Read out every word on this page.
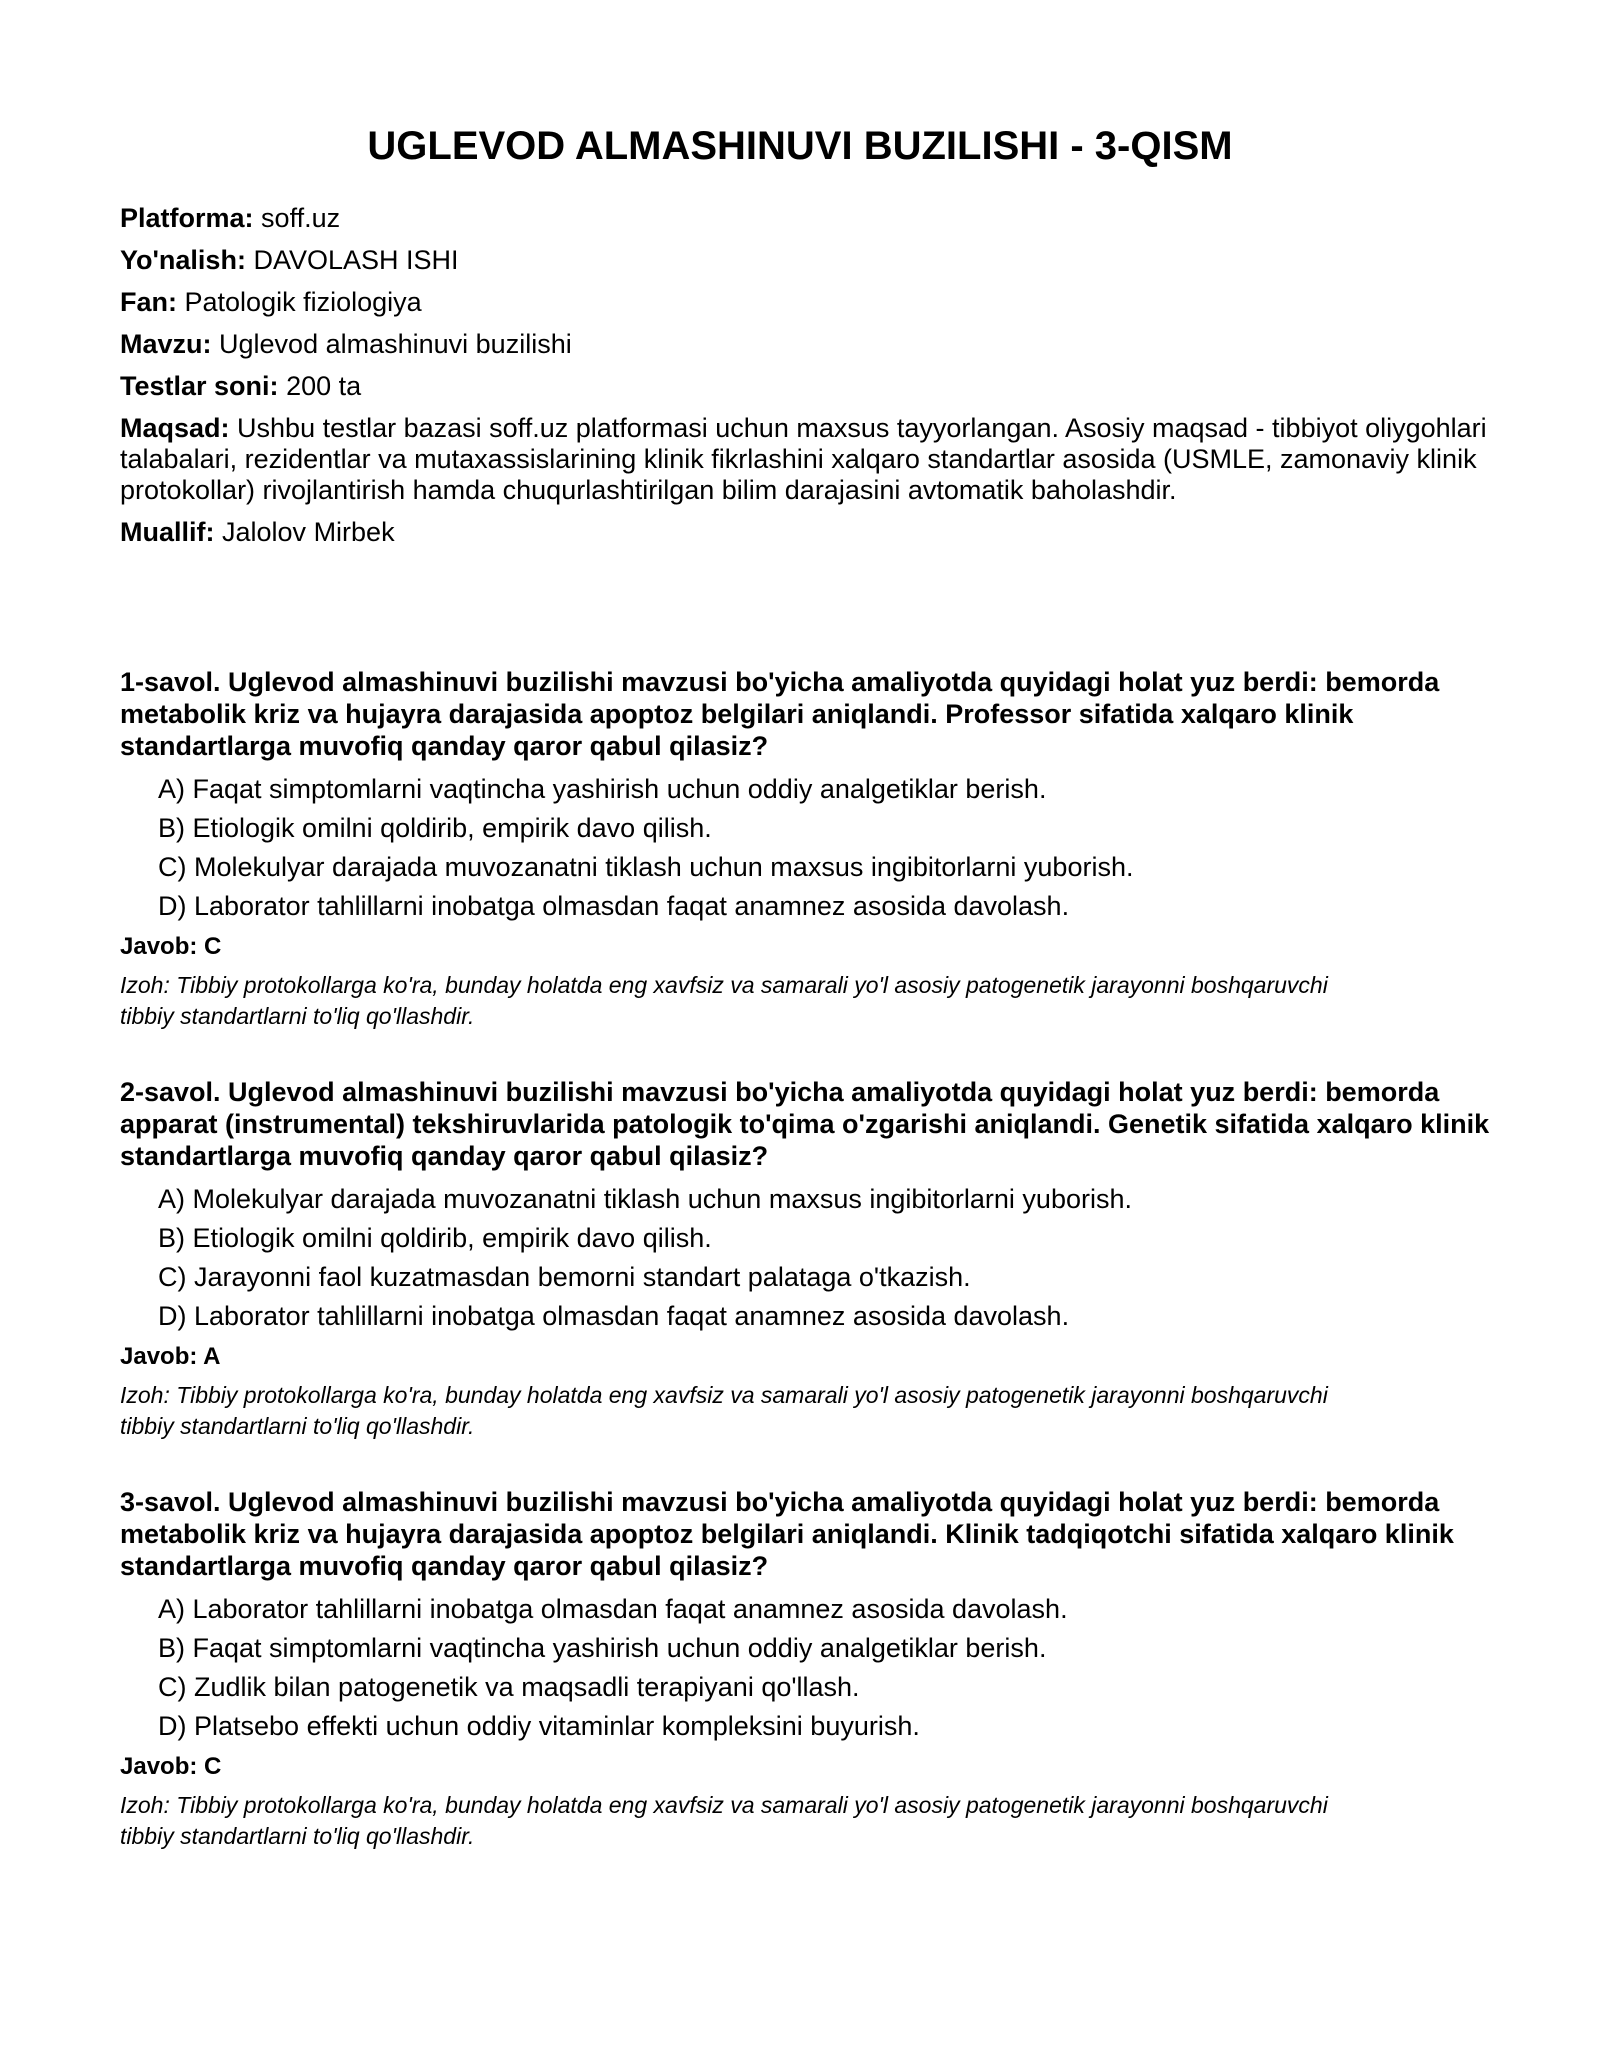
UGLEVOD ALMASHINUVI BUZILISHI - 3-QISM

Platforma: soff.uz

Yo'nalish: DAVOLASH ISHI

Fan: Patologik fiziologiya

Mavzu: Uglevod almashinuvi buzilishi

Testlar soni: 200 ta

Maqsad: Ushbu testlar bazasi soff.uz platformasi uchun maxsus tayyorlangan. Asosiy maqsad - tibbiyot oliygohlari talabalari, rezidentlar va mutaxassislarining klinik fikrlashini xalqaro standartlar asosida (USMLE, zamonaviy klinik protokollar) rivojlantirish hamda chuqurlashtirilgan bilim darajasini avtomatik baholashdir.

Muallif: Jalolov Mirbek

1-savol. Uglevod almashinuvi buzilishi mavzusi bo'yicha amaliyotda quyidagi holat yuz berdi: bemorda metabolik kriz va hujayra darajasida apoptoz belgilari aniqlandi. Professor sifatida xalqaro klinik standartlarga muvofiq qanday qaror qabul qilasiz?

A) Faqat simptomlarni vaqtincha yashirish uchun oddiy analgetiklar berish.
B) Etiologik omilni qoldirib, empirik davo qilish.
C) Molekulyar darajada muvozanatni tiklash uchun maxsus ingibitorlarni yuborish.
D) Laborator tahlillarni inobatga olmasdan faqat anamnez asosida davolash.

Javob: C

Izoh: Tibbiy protokollarga ko'ra, bunday holatda eng xavfsiz va samarali yo'l asosiy patogenetik jarayonni boshqaruvchi tibbiy standartlarni to'liq qo'llashdir.

2-savol. Uglevod almashinuvi buzilishi mavzusi bo'yicha amaliyotda quyidagi holat yuz berdi: bemorda apparat (instrumental) tekshiruvlarida patologik to'qima o'zgarishi aniqlandi. Genetik sifatida xalqaro klinik standartlarga muvofiq qanday qaror qabul qilasiz?

A) Molekulyar darajada muvozanatni tiklash uchun maxsus ingibitorlarni yuborish.
B) Etiologik omilni qoldirib, empirik davo qilish.
C) Jarayonni faol kuzatmasdan bemorni standart palataga o'tkazish.
D) Laborator tahlillarni inobatga olmasdan faqat anamnez asosida davolash.

Javob: A

Izoh: Tibbiy protokollarga ko'ra, bunday holatda eng xavfsiz va samarali yo'l asosiy patogenetik jarayonni boshqaruvchi tibbiy standartlarni to'liq qo'llashdir.

3-savol. Uglevod almashinuvi buzilishi mavzusi bo'yicha amaliyotda quyidagi holat yuz berdi: bemorda metabolik kriz va hujayra darajasida apoptoz belgilari aniqlandi. Klinik tadqiqotchi sifatida xalqaro klinik standartlarga muvofiq qanday qaror qabul qilasiz?

A) Laborator tahlillarni inobatga olmasdan faqat anamnez asosida davolash.
B) Faqat simptomlarni vaqtincha yashirish uchun oddiy analgetiklar berish.
C) Zudlik bilan patogenetik va maqsadli terapiyani qo'llash.
D) Platsebo effekti uchun oddiy vitaminlar kompleksini buyurish.

Javob: C

Izoh: Tibbiy protokollarga ko'ra, bunday holatda eng xavfsiz va samarali yo'l asosiy patogenetik jarayonni boshqaruvchi tibbiy standartlarni to'liq qo'llashdir.
